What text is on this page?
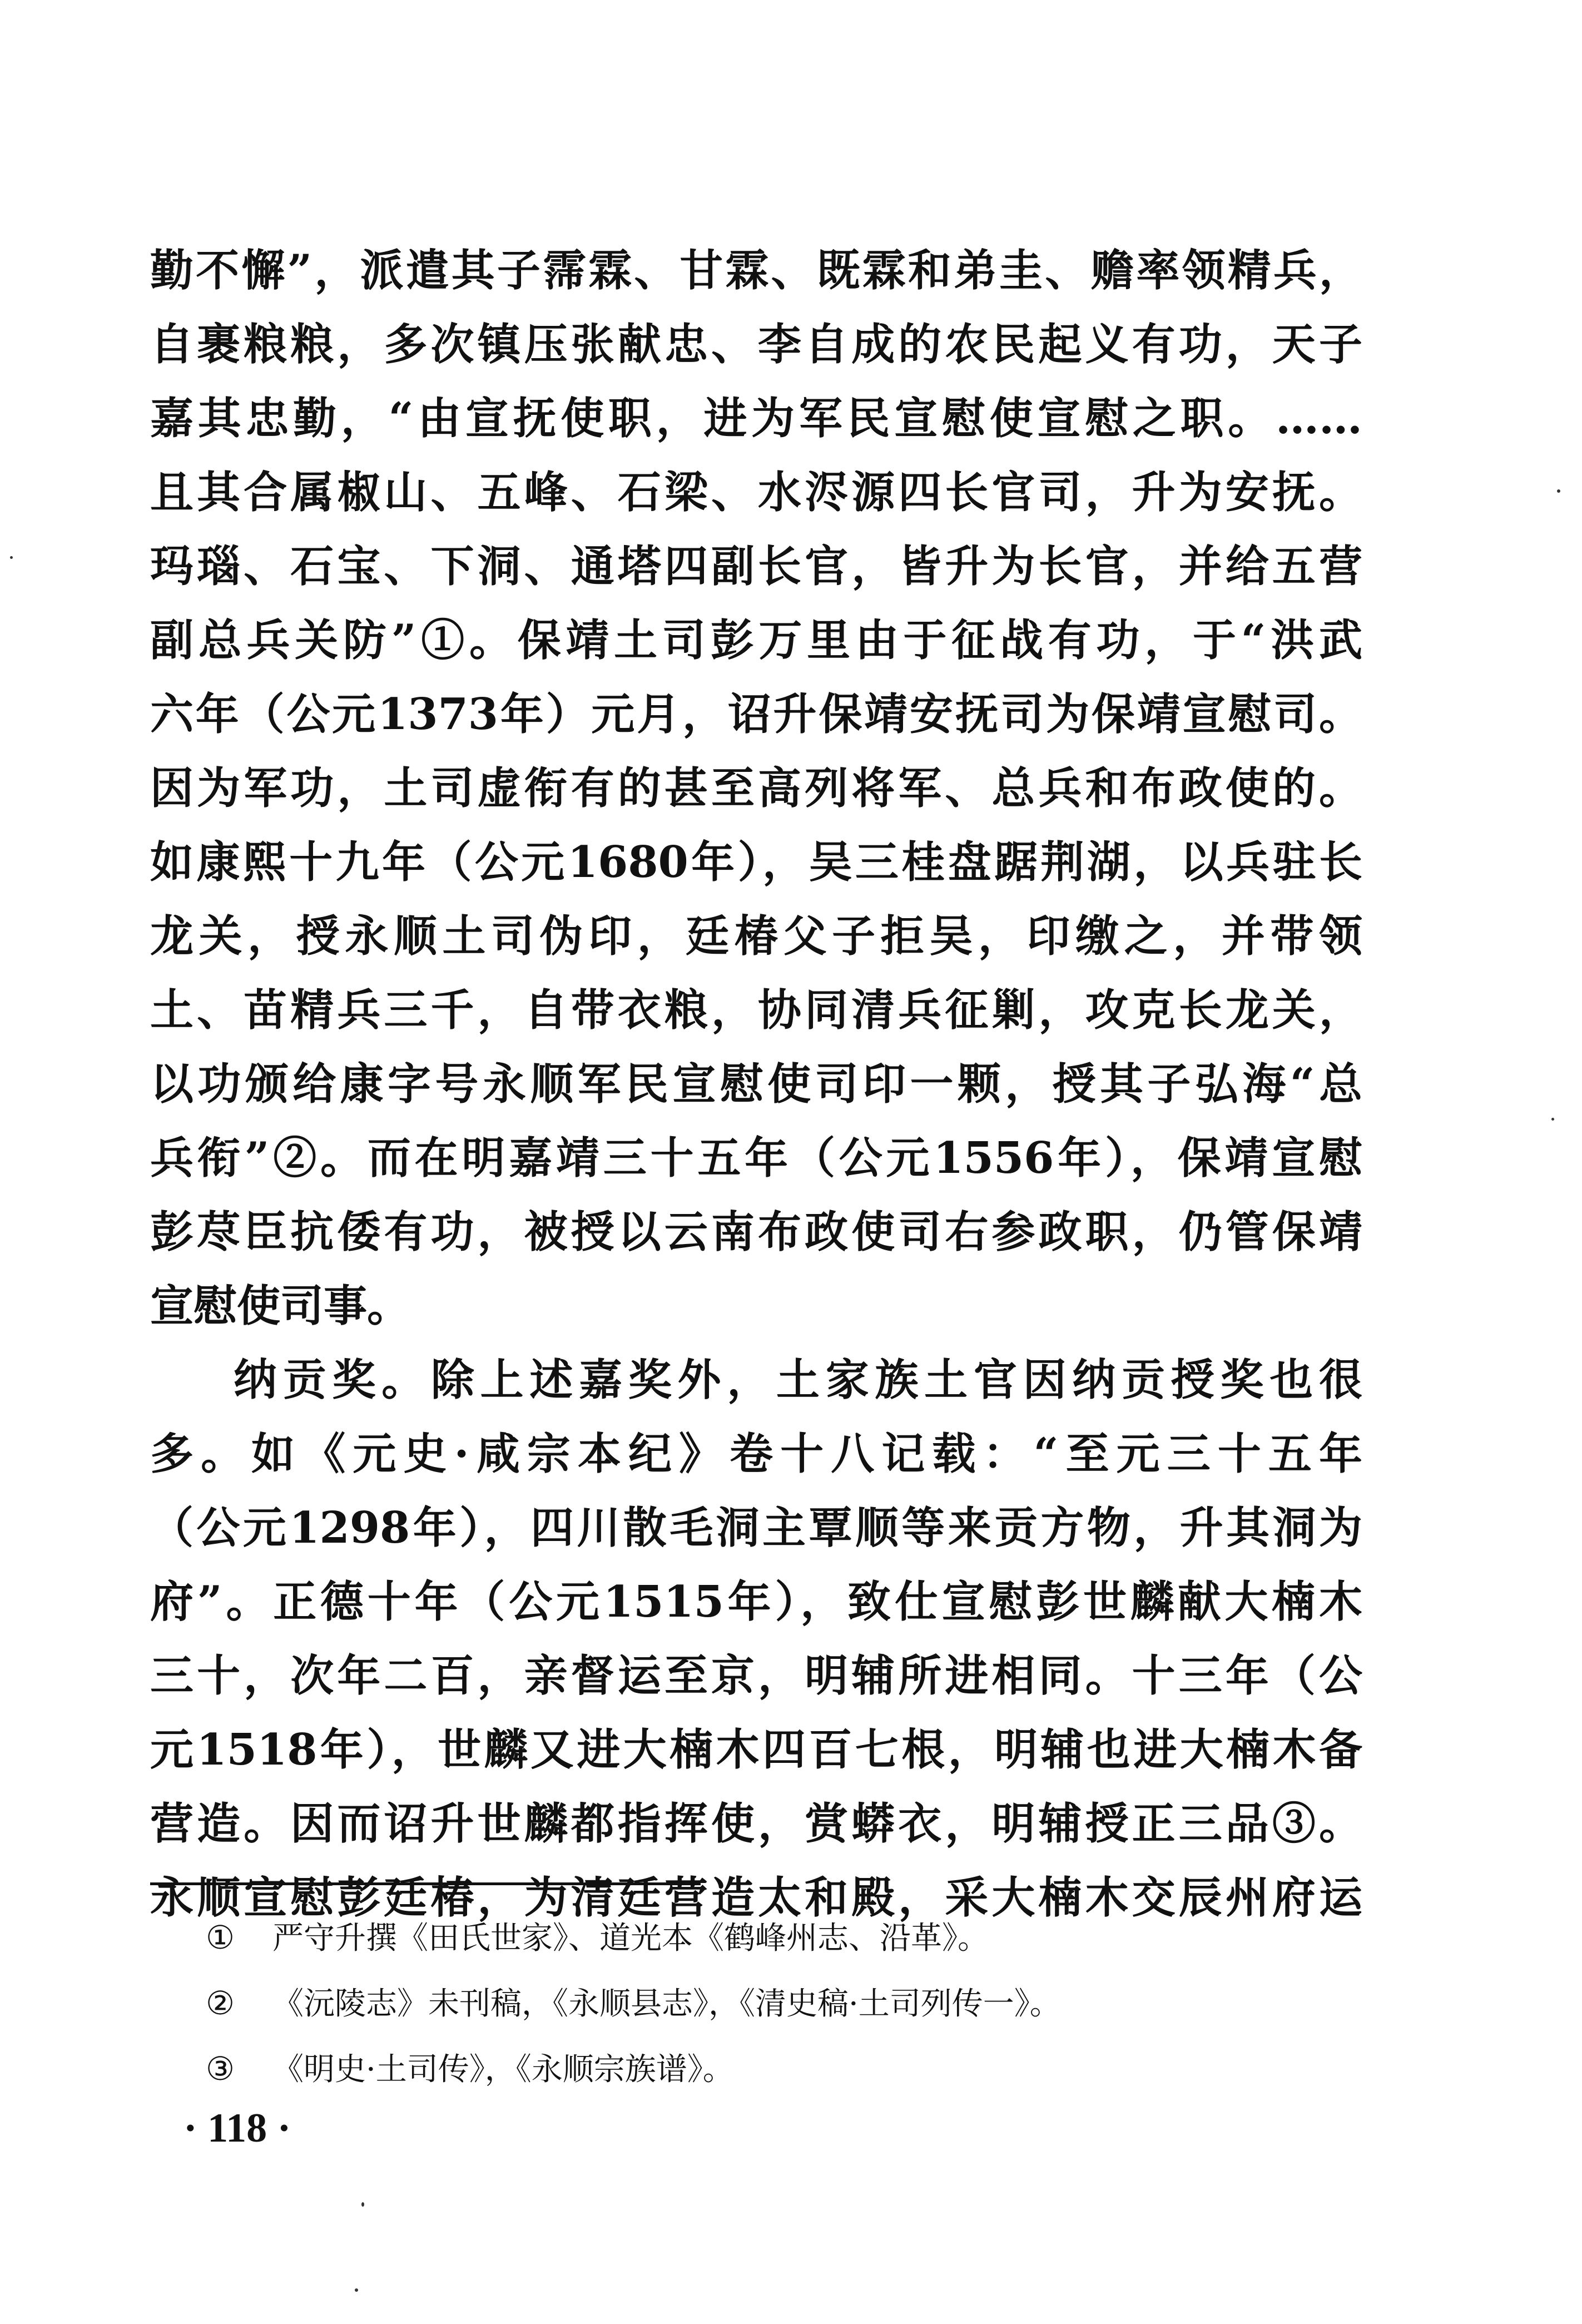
勤不懈”，派遣其子霈霖、甘霖、既霖和弟圭、赡率领精兵，
自裹粮粮，多次镇压张献忠、李自成的农民起义有功，天子
嘉其忠勤，“由宣抚使职，进为军民宣慰使宣慰之职。……
且其合属椒山、五峰、石梁、水浕源四长官司，升为安抚。
玛瑙、石宝、下洞、通塔四副长官，皆升为长官，并给五营
副总兵关防”①。保靖土司彭万里由于征战有功，于“洪武
六年（公元1373年）元月，诏升保靖安抚司为保靖宣慰司。
因为军功，土司虚衔有的甚至高列将军、总兵和布政使的。
如康熙十九年（公元1680年），吴三桂盘踞荆湖，以兵驻长
龙关，授永顺土司伪印，廷椿父子拒吴，印缴之，并带领
土、苗精兵三千，自带衣粮，协同清兵征剿，攻克长龙关，
以功颁给康字号永顺军民宣慰使司印一颗，授其子弘海“总
兵衔”②。而在明嘉靖三十五年（公元1556年），保靖宣慰
彭荩臣抗倭有功，被授以云南布政使司右参政职，仍管保靖
宣慰使司事。
纳贡奖。除上述嘉奖外，土家族土官因纳贡授奖也很
多。如《元史·咸宗本纪》卷十八记载：“至元三十五年
（公元1298年），四川散毛洞主覃顺等来贡方物，升其洞为
府”。正德十年（公元1515年），致仕宣慰彭世麟献大楠木
三十，次年二百，亲督运至京，明辅所进相同。十三年（公
元1518年），世麟又进大楠木四百七根，明辅也进大楠木备
营造。因而诏升世麟都指挥使，赏蟒衣，明辅授正三品③。
永顺宣慰彭廷椿，为清廷营造太和殿，采大楠木交辰州府运
① 严守升撰《田氏世家》、道光本《鹤峰州志、沿革》。
② 《沅陵志》未刊稿，《永顺县志》，《清史稿·土司列传一》。
③ 《明史·土司传》，《永顺宗族谱》。
· 118 ·
